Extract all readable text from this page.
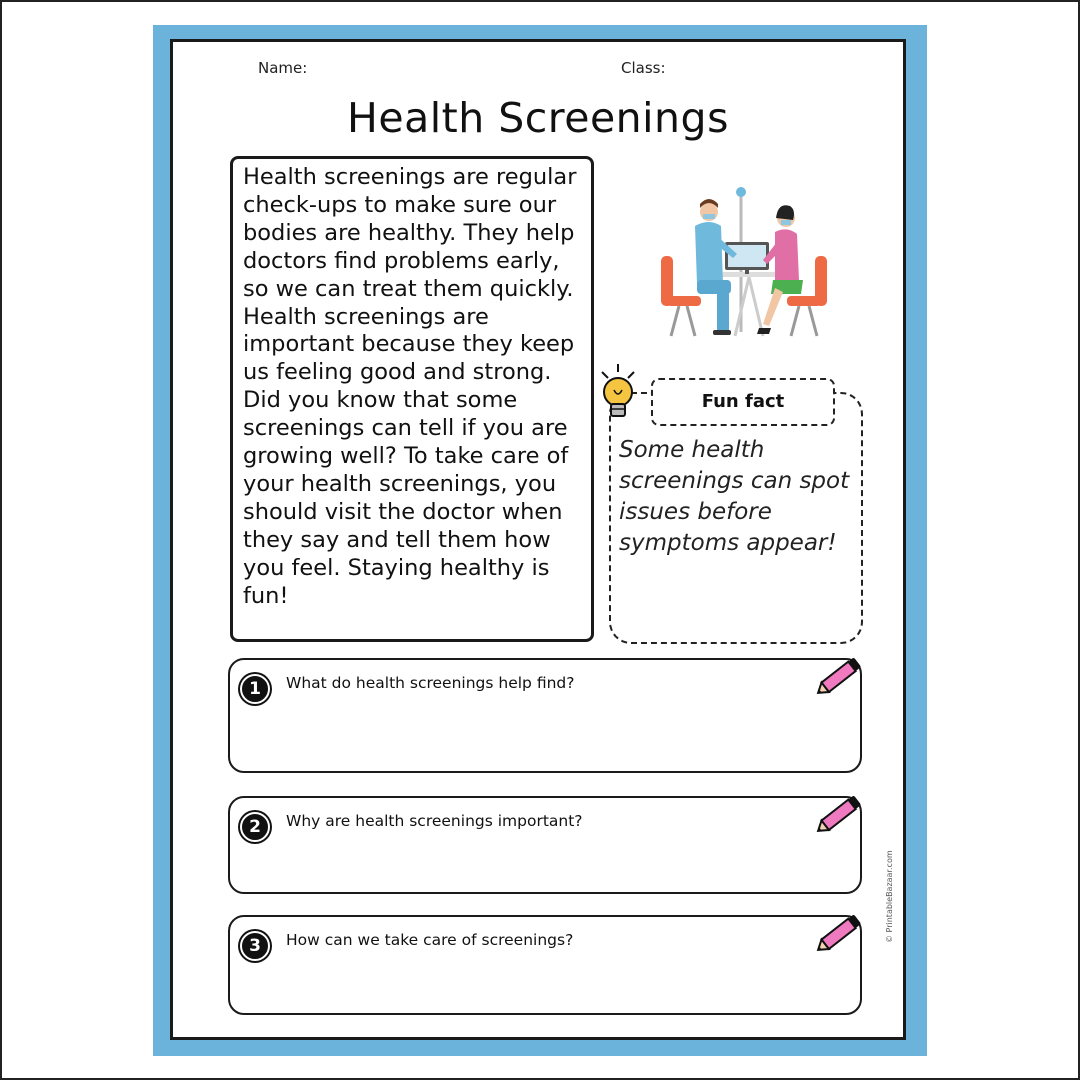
Name:	Class:
Health Screenings

Health screenings are regular check-ups to make sure our bodies are healthy. They help doctors find problems early, so we can treat them quickly. Health screenings are important because they keep us feeling good and strong. Did you know that some screenings can tell if you are growing well? To take care of your health screenings, you should visit the doctor when they say and tell them how you feel. Staying healthy is fun!

Fun fact

Some health screenings can spot issues before symptoms appear!

1	What do health screenings help find?
2	Why are health screenings important?
3	How can we take care of screenings?	© PrintableBazaar.com
